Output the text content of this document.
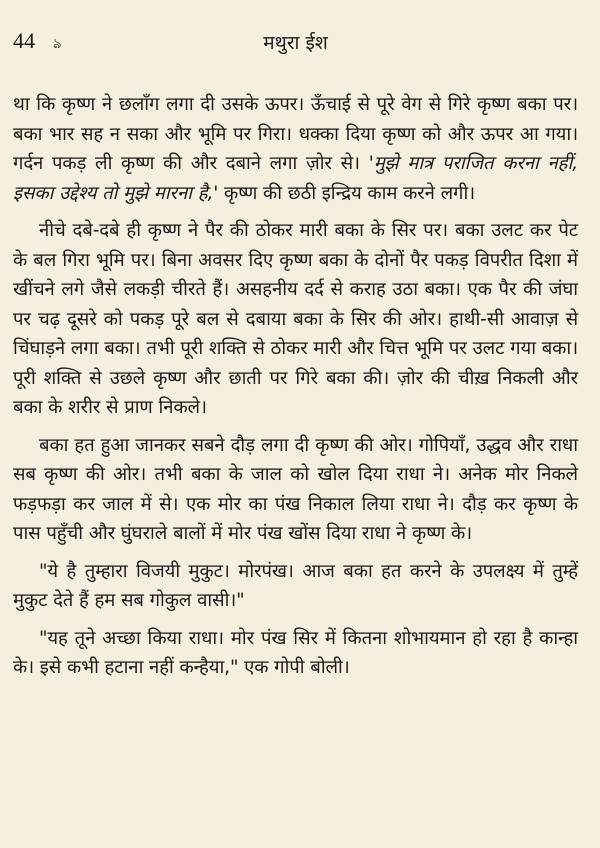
44 ঌ	मथुरा ईश

था कि कृष्ण ने छलाँग लगा दी उसके ऊपर। ऊँचाई से पूरे वेग से गिरे कृष्ण बका पर। बका भार सह न सका और भूमि पर गिरा। धक्का दिया कृष्ण को और ऊपर आ गया। गर्दन पकड़ ली कृष्ण की और दबाने लगा ज़ोर से। 'मुझे मात्र पराजित करना नहीं, इसका उद्देश्य तो मुझे मारना है,' कृष्ण की छठी इन्द्रिय काम करने लगी।

नीचे दबे-दबे ही कृष्ण ने पैर की ठोकर मारी बका के सिर पर। बका उलट कर पेट के बल गिरा भूमि पर। बिना अवसर दिए कृष्ण बका के दोनों पैर पकड़ विपरीत दिशा में खींचने लगे जैसे लकड़ी चीरते हैं। असहनीय दर्द से कराह उठा बका। एक पैर की जंघा पर चढ़ दूसरे को पकड़ पूरे बल से दबाया बका के सिर की ओर। हाथी-सी आवाज़ से चिंघाड़ने लगा बका। तभी पूरी शक्ति से ठोकर मारी और चित्त भूमि पर उलट गया बका। पूरी शक्ति से उछले कृष्ण और छाती पर गिरे बका की। ज़ोर की चीख़ निकली और बका के शरीर से प्राण निकले।

बका हत हुआ जानकर सबने दौड़ लगा दी कृष्ण की ओर। गोपियाँ, उद्धव और राधा सब कृष्ण की ओर। तभी बका के जाल को खोल दिया राधा ने। अनेक मोर निकले फड़फड़ा कर जाल में से। एक मोर का पंख निकाल लिया राधा ने। दौड़ कर कृष्ण के पास पहुँची और घुंघराले बालों में मोर पंख खोंस दिया राधा ने कृष्ण के।

"ये है तुम्हारा विजयी मुकुट। मोरपंख। आज बका हत करने के उपलक्ष्य में तुम्हें मुकुट देते हैं हम सब गोकुल वासी।"

"यह तूने अच्छा किया राधा। मोर पंख सिर में कितना शोभायमान हो रहा है कान्हा के। इसे कभी हटाना नहीं कन्हैया," एक गोपी बोली।
